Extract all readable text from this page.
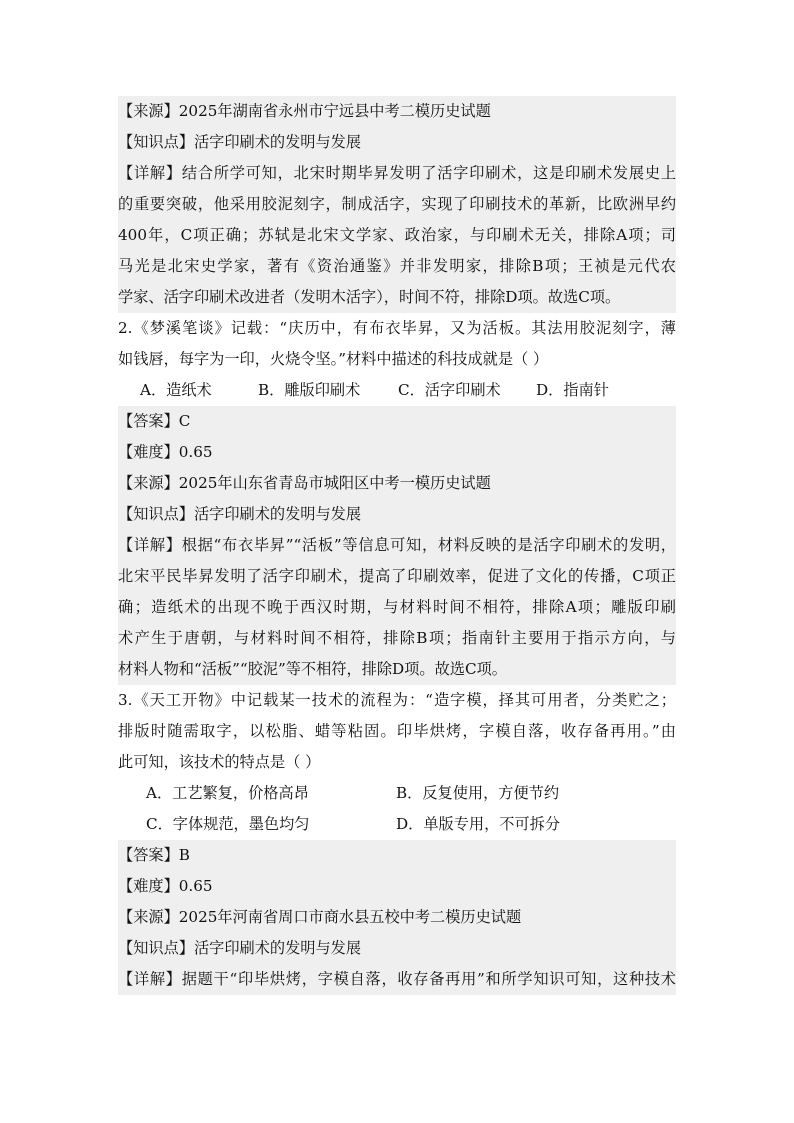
【来源】2025年湖南省永州市宁远县中考二模历史试题
【知识点】活字印刷术的发明与发展
【详解】结合所学可知，北宋时期毕昇发明了活字印刷术，这是印刷术发展史上
的重要突破，他采用胶泥刻字，制成活字，实现了印刷技术的革新，比欧洲早约
400年，C项正确；苏轼是北宋文学家、政治家，与印刷术无关，排除A项；司
马光是北宋史学家，著有《资治通鉴》并非发明家，排除B项；王祯是元代农
学家、活字印刷术改进者（发明木活字），时间不符，排除D项。故选C项。
2.《梦溪笔谈》记载：“庆历中，有布衣毕昇，又为活板。其法用胶泥刻字，薄
如钱唇，每字为一印，火烧令坚。”材料中描述的科技成就是（ ）
A．造纸术	B．雕版印刷术 C．活字印刷术 D．指南针
【答案】C
【难度】0.65
【来源】2025年山东省青岛市城阳区中考一模历史试题
【知识点】活字印刷术的发明与发展
【详解】根据“布衣毕昇”“活板”等信息可知，材料反映的是活字印刷术的发明，
北宋平民毕昇发明了活字印刷术，提高了印刷效率，促进了文化的传播，C项正
确；造纸术的出现不晚于西汉时期，与材料时间不相符，排除A项；雕版印刷
术产生于唐朝，与材料时间不相符，排除B项；指南针主要用于指示方向，与
材料人物和“活板”“胶泥”等不相符，排除D项。故选C项。
3.《天工开物》中记载某一技术的流程为：“造字模，择其可用者，分类贮之；
排版时随需取字，以松脂、蜡等粘固。印毕烘烤，字模自落，收存备再用。”由
此可知，该技术的特点是（ ）
A．工艺繁复，价格高昂	B．反复使用，方便节约
C．字体规范，墨色均匀	D．单版专用，不可拆分
【答案】B
【难度】0.65
【来源】2025年河南省周口市商水县五校中考二模历史试题
【知识点】活字印刷术的发明与发展
【详解】据题干“印毕烘烤，字模自落，收存备再用”和所学知识可知，这种技术
